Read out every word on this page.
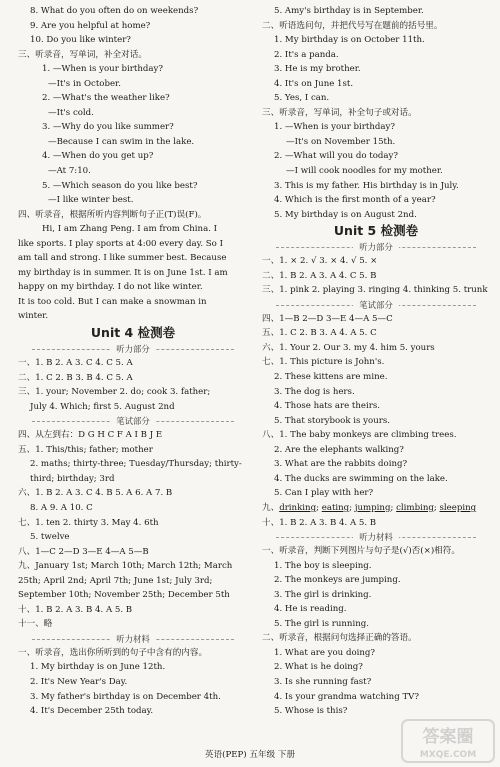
8. What do you often do on weekends?
9. Are you helpful at home?
10. Do you like winter?
三、听录音，写单词，补全对话。
1. —When is your birthday?
—It's in October.
2. —What's the weather like?
—It's cold.
3. —Why do you like summer?
—Because I can swim in the lake.
4. —When do you get up?
—At 7:10.
5. —Which season do you like best?
—I like winter best.
四、听录音，根据所听内容判断句子正(T)误(F)。
Hi, I am Zhang Peng. I am from China. I
like sports. I play sports at 4:00 every day. So I
am tall and strong. I like summer best. Because
my birthday is in summer. It is on June 1st. I am
happy on my birthday. I do not like winter.
It is too cold. But I can make a snowman in
winter.
Unit 4 检测卷
听力部分
一、1. B 2. A 3. C 4. C 5. A
二、1. C 2. B 3. B 4. C 5. A
三、1. your; November 2. do; cook 3. father;
July 4. Which; first 5. August 2nd
笔试部分
四、从左到右：D G H C F A I B J E
五、1. This/this; father; mother
2. maths; thirty-three; Tuesday/Thursday; thirty-
third; birthday; 3rd
六、1. B 2. A 3. C 4. B 5. A 6. A 7. B
8. A 9. A 10. C
七、1. ten 2. thirty 3. May 4. 6th
5. twelve
八、1—C 2—D 3—E 4—A 5—B
九、January 1st; March 10th; March 12th; March
25th; April 2nd; April 7th; June 1st; July 3rd;
September 10th; November 25th; December 5th
十、1. B 2. A 3. B 4. A 5. B
十一、略
听力材料
一、听录音，选出你所听到的句子中含有的内容。
1. My birthday is on June 12th.
2. It's New Year's Day.
3. My father's birthday is on December 4th.
4. It's December 25th today.
5. Amy's birthday is in September.
二、听语选问句，并把代号写在题前的括号里。
1. My birthday is on October 11th.
2. It's a panda.
3. He is my brother.
4. It's on June 1st.
5. Yes, I can.
三、听录音，写单词，补全句子或对话。
1. —When is your birthday?
—It's on November 15th.
2. —What will you do today?
—I will cook noodles for my mother.
3. This is my father. His birthday is in July.
4. Which is the first month of a year?
5. My birthday is on August 2nd.
Unit 5 检测卷
听力部分
一、1. × 2. √ 3. × 4. √ 5. ×
二、1. B 2. A 3. A 4. C 5. B
三、1. pink 2. playing 3. ringing 4. thinking 5. trunk
笔试部分
四、1—B 2—D 3—E 4—A 5—C
五、1. C 2. B 3. A 4. A 5. C
六、1. Your 2. Our 3. my 4. him 5. yours
七、1. This picture is John's.
2. These kittens are mine.
3. The dog is hers.
4. Those hats are theirs.
5. That storybook is yours.
八、1. The baby monkeys are climbing trees.
2. Are the elephants walking?
3. What are the rabbits doing?
4. The ducks are swimming on the lake.
5. Can I play with her?
九、drinking; eating; jumping; climbing; sleeping
十、1. B 2. A 3. B 4. A 5. B
听力材料
一、听录音，判断下列图片与句子是(√)否(×)相符。
1. The boy is sleeping.
2. The monkeys are jumping.
3. The girl is drinking.
4. He is reading.
5. The girl is running.
二、听录音，根据问句选择正确的答语。
1. What are you doing?
2. What is he doing?
3. Is she running fast?
4. Is your grandma watching TV?
5. Whose is this?
英语(PEP) 五年级 下册
答案圈
MXQE.COM
